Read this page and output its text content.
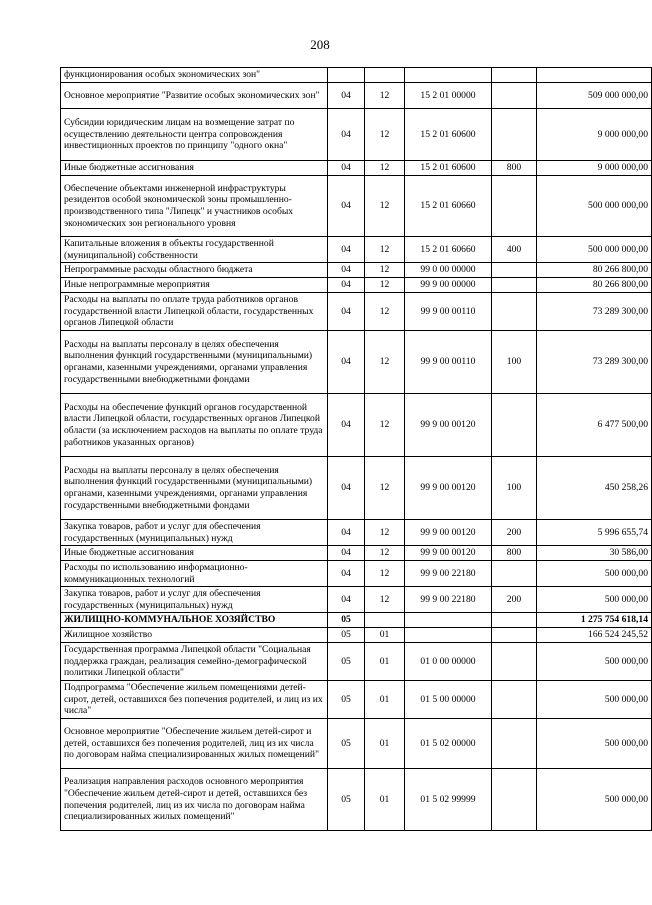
208
функционирования особых экономических зон"					
Основное мероприятие "Развитие особых экономических зон"	04	12	15 2 01 00000		509 000 000,00
Субсидии юридическим лицам на возмещение затрат по осуществлению деятельности центра сопровождения инвестиционных проектов по принципу "одного окна"	04	12	15 2 01 60600		9 000 000,00
Иные бюджетные ассигнования	04	12	15 2 01 60600	800	9 000 000,00
Обеспечение объектами инженерной инфраструктуры резидентов особой экономической зоны промышленно-производственного типа "Липецк" и участников особых экономических зон регионального уровня	04	12	15 2 01 60660		500 000 000,00
Капитальные вложения в объекты государственной (муниципальной) собственности	04	12	15 2 01 60660	400	500 000 000,00
Непрограммные расходы областного бюджета	04	12	99 0 00 00000		80 266 800,00
Иные непрограммные мероприятия	04	12	99 9 00 00000		80 266 800,00
Расходы на выплаты по оплате труда работников органов государственной власти Липецкой области, государственных органов Липецкой области	04	12	99 9 00 00110		73 289 300,00
Расходы на выплаты персоналу в целях обеспечения выполнения функций государственными (муниципальными) органами, казенными учреждениями, органами управления государственными внебюджетными фондами	04	12	99 9 00 00110	100	73 289 300,00
Расходы на обеспечение функций органов государственной власти Липецкой области, государственных органов Липецкой области (за исключением расходов на выплаты по оплате труда работников указанных органов)	04	12	99 9 00 00120		6 477 500,00
Расходы на выплаты персоналу в целях обеспечения выполнения функций государственными (муниципальными) органами, казенными учреждениями, органами управления государственными внебюджетными фондами	04	12	99 9 00 00120	100	450 258,26
Закупка товаров, работ и услуг для обеспечения государственных (муниципальных) нужд	04	12	99 9 00 00120	200	5 996 655,74
Иные бюджетные ассигнования	04	12	99 9 00 00120	800	30 586,00
Расходы по использованию информационно-коммуникационных технологий	04	12	99 9 00 22180		500 000,00
Закупка товаров, работ и услуг для обеспечения государственных (муниципальных) нужд	04	12	99 9 00 22180	200	500 000,00
ЖИЛИЩНО-КОММУНАЛЬНОЕ ХОЗЯЙСТВО	05				1 275 754 618,14
Жилищное хозяйство	05	01			166 524 245,52
Государственная программа Липецкой области "Социальная поддержка граждан, реализация семейно-демографической политики Липецкой области"	05	01	01 0 00 00000		500 000,00
Подпрограмма "Обеспечение жильем помещениями детей-сирот, детей, оставшихся без попечения родителей, и лиц из их числа"	05	01	01 5 00 00000		500 000,00
Основное мероприятие "Обеспечение жильем детей-сирот и детей, оставшихся без попечения родителей, лиц из их числа по договорам найма специализированных жилых помещений"	05	01	01 5 02 00000		500 000,00
Реализация направления расходов основного мероприятия "Обеспечение жильем детей-сирот и детей, оставшихся без попечения родителей, лиц из их числа по договорам найма специализированных жилых помещений"	05	01	01 5 02 99999		500 000,00
